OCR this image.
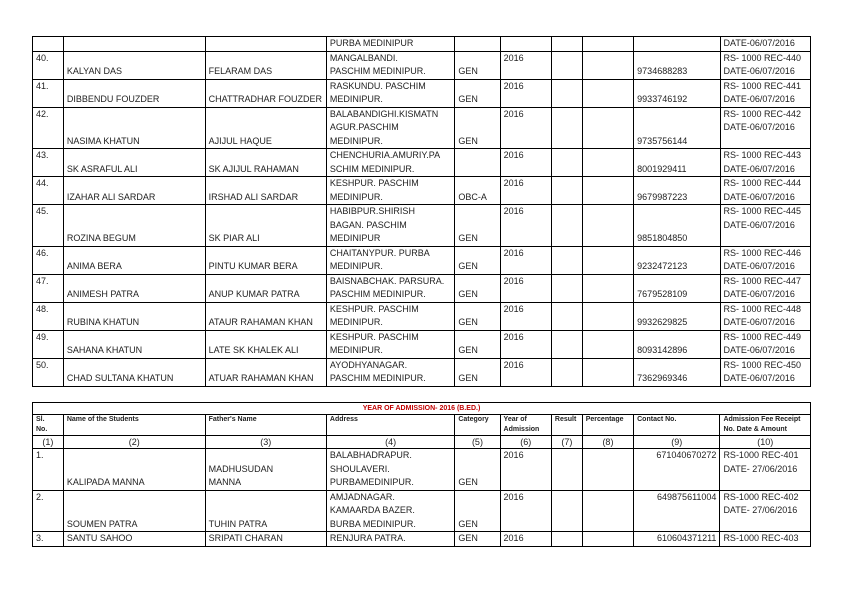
			PURBA MEDINIPUR						DATE-06/07/2016
40.	KALYAN DAS	FELARAM DAS	MANGALBANDI.
PASCHIM MEDINIPUR.	GEN	2016			9734688283	RS- 1000 REC-440
DATE-06/07/2016
41.	DIBBENDU FOUZDER	CHATTRADHAR FOUZDER	RASKUNDU. PASCHIM
MEDINIPUR.	GEN	2016			9933746192	RS- 1000 REC-441
DATE-06/07/2016
42.	NASIMA KHATUN	AJIJUL HAQUE	BALABANDIGHI.KISMATN
AGUR.PASCHIM
MEDINIPUR.	GEN	2016			9735756144	RS- 1000 REC-442
DATE-06/07/2016

43.	SK ASRAFUL ALI	SK AJIJUL RAHAMAN	CHENCHURIA.AMURIY.PA
SCHIM MEDINIPUR.		2016			8001929411	RS- 1000 REC-443
DATE-06/07/2016
44.	IZAHAR ALI SARDAR	IRSHAD ALI SARDAR	KESHPUR. PASCHIM
MEDINIPUR.	OBC-A	2016			9679987223	RS- 1000 REC-444
DATE-06/07/2016
45.	ROZINA BEGUM	SK PIAR ALI	HABIBPUR.SHIRISH
BAGAN. PASCHIM
MEDINIPUR	GEN	2016			9851804850	RS- 1000 REC-445
DATE-06/07/2016

46.	ANIMA BERA	PINTU KUMAR BERA	CHAITANYPUR. PURBA
MEDINIPUR.	GEN	2016			9232472123	RS- 1000 REC-446
DATE-06/07/2016
47.	ANIMESH PATRA	ANUP KUMAR PATRA	BAISNABCHAK. PARSURA.
PASCHIM MEDINIPUR.	GEN	2016			7679528109	RS- 1000 REC-447
DATE-06/07/2016
48.	RUBINA KHATUN	ATAUR RAHAMAN KHAN	KESHPUR. PASCHIM
MEDINIPUR.	GEN	2016			9932629825	RS- 1000 REC-448
DATE-06/07/2016
49.	SAHANA KHATUN	LATE SK KHALEK ALI	KESHPUR. PASCHIM
MEDINIPUR.	GEN	2016			8093142896	RS- 1000 REC-449
DATE-06/07/2016
50.	CHAD SULTANA KHATUN	ATUAR RAHAMAN KHAN	AYODHYANAGAR.
PASCHIM MEDINIPUR.	GEN	2016			7362969346	RS- 1000 REC-450
DATE-06/07/2016
YEAR OF ADMISSION- 2016 (B.ED.)									
Sl.
No.	Name of the Students	Father's Name	Address	Category	Year of
Admission	Result	Percentage	Contact No.	Admission Fee Receipt
No. Date & Amount
(1)	(2)	(3)	(4)	(5)	(6)	(7)	(8)	(9)	(10)
1.	KALIPADA MANNA	MADHUSUDAN
MANNA	BALABHADRAPUR.
SHOULAVERI.
PURBAMEDINIPUR.	GEN	2016			671040670272	RS-1000 REC-401
DATE- 27/06/2016

2.	SOUMEN PATRA	TUHIN PATRA	AMJADNAGAR.
KAMAARDA BAZER.
BURBA MEDINIPUR.	GEN	2016			649875611004	RS-1000 REC-402
DATE- 27/06/2016

3.	SANTU SAHOO	SRIPATI CHARAN	RENJURA PATRA.	GEN	2016			610604371211	RS-1000 REC-403
